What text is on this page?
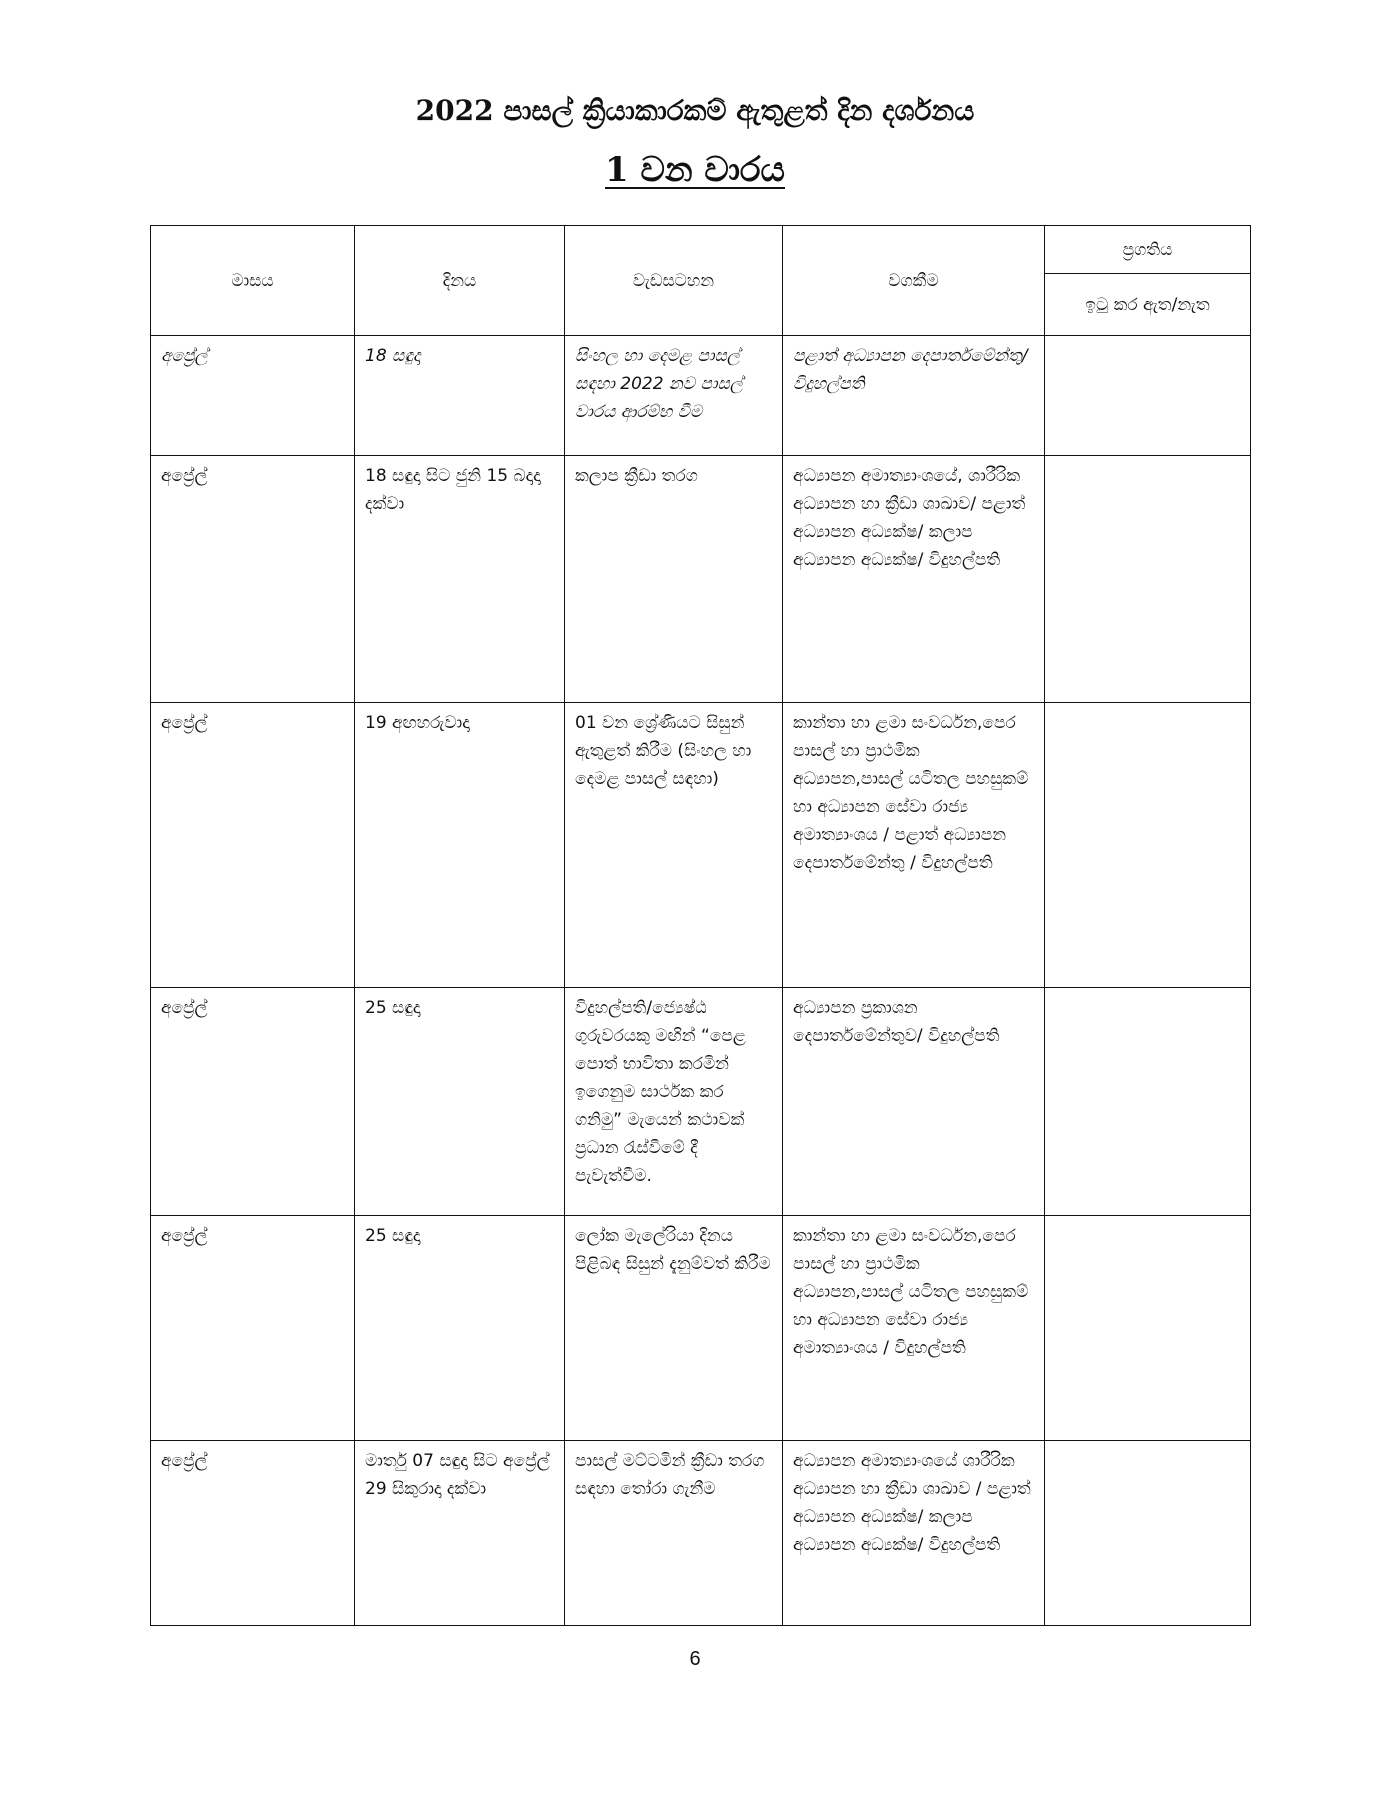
2022 පාසල් ක්‍රියාකාරකම් ඇතුළත් දින දර්ශනය
1 වන වාරය
මාසය	දිනය	වැඩසටහන	වගකීම	ප්‍රගතිය
				ඉටු කර ඇත/නැත
අප්‍රේල්	18 සඳුදා	සිංහල හා දෙමළ පාසල් සඳහා 2022 නව පාසල් වාරය ආරම්භ වීම	පළාත් අධ්‍යාපන දෙපාර්තමේන්තු/ විදුහල්පති	
අප්‍රේල්	18 සඳුදා සිට ජුනි 15 බදාදා දක්වා	කලාප ක්‍රීඩා තරග	අධ්‍යාපන අමාත්‍යාංශයේ, ශාරීරික අධ්‍යාපන හා ක්‍රීඩා ශාඛාව/ පළාත් අධ්‍යාපන අධ්‍යක්ෂ/ කලාප අධ්‍යාපන අධ්‍යක්ෂ/ විදුහල්පති	
අප්‍රේල්	19 අඟහරුවාදා	01 වන ශ්‍රේණියට සිසුන් ඇතුළත් කිරීම (සිංහල හා දෙමළ පාසල් සඳහා)	කාන්තා හා ළමා සංවර්ධන,පෙර පාසල් හා ප්‍රාථමික අධ්‍යාපන,පාසල් යටිතල පහසුකම් හා අධ්‍යාපන සේවා රාජ්‍ය අමාත්‍යාංශය / පළාත් අධ්‍යාපන දෙපාර්තමේන්තු / විදුහල්පති	
අප්‍රේල්	25 සඳුදා	විදුහල්පති/ජ්‍යෙෂ්ඨ ගුරුවරයකු මඟින් “පෙළ පොත් භාවිතා කරමින් ඉගෙනුම සාර්ථක කර ගනිමු” මැයෙන් කථාවක් ප්‍රධාන රැස්වීමේ දී පැවැත්වීම.	අධ්‍යාපන ප්‍රකාශන දෙපාර්තමේන්තුව/ විදුහල්පති	
අප්‍රේල්	25 සඳුදා	ලෝක මැලේරියා දිනය පිළිබඳ සිසුන් දැනුම්වත් කිරීම	කාන්තා හා ළමා සංවර්ධන,පෙර පාසල් හා ප්‍රාථමික අධ්‍යාපන,පාසල් යටිතල පහසුකම් හා අධ්‍යාපන සේවා රාජ්‍ය අමාත්‍යාංශය / විදුහල්පති	
අප්‍රේල්	මාර්තු 07 සඳුදා සිට අප්‍රේල් 29 සිකුරාදා දක්වා	පාසල් මට්ටමින් ක්‍රීඩා තරග සඳහා තෝරා ගැනීම	අධ්‍යාපන අමාත්‍යාංශයේ ශාරීරික අධ්‍යාපන හා ක්‍රීඩා ශාඛාව / පළාත් අධ්‍යාපන අධ්‍යක්ෂ/ කලාප අධ්‍යාපන අධ්‍යක්ෂ/ විදුහල්පති	
6
